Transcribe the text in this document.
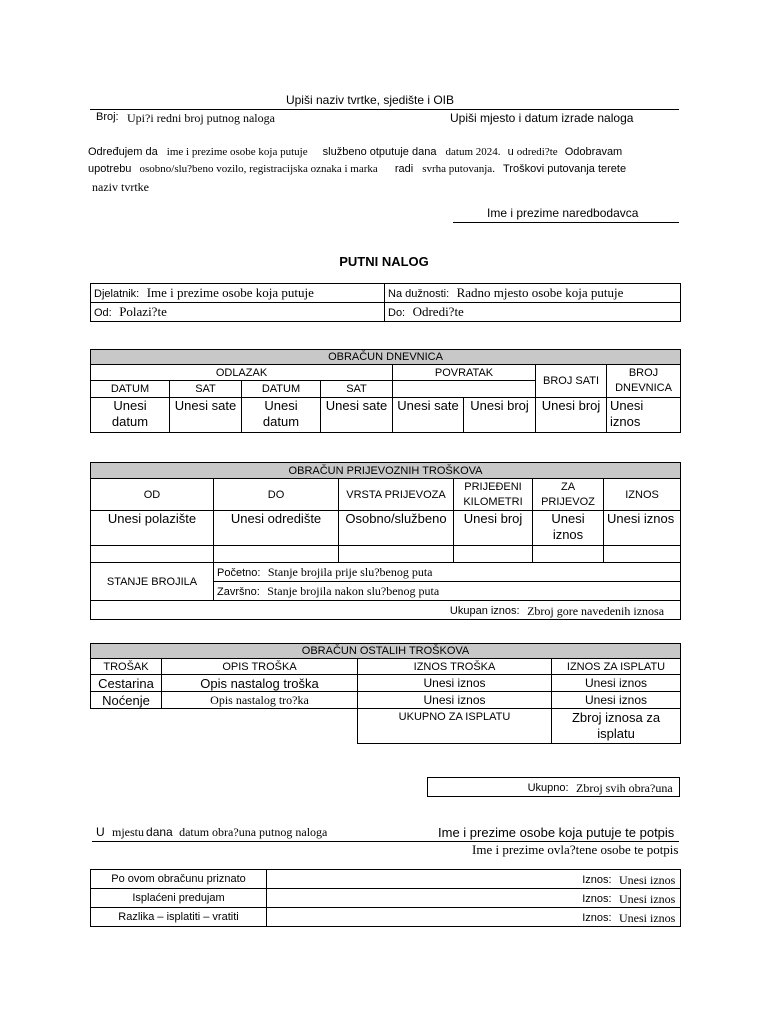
Upiši naziv tvrtke, sjedište i OIB
Broj: Upi?i redni broj putnog naloga	Upiši mjesto i datum izrade naloga
Određujem da ime i prezime osobe koja putuje službeno otputuje dana datum 2024. u odredi?te Odobravam
upotrebu osobno/slu?beno vozilo, registracijska oznaka i marka radi svrha putovanja. Troškovi putovanja terete
naziv tvrtke
Ime i prezime naredbodavca
PUTNI NALOG
Djelatnik: Ime i prezime osobe koja putuje	Na dužnosti: Radno mjesto osobe koja putuje
Od: Polazi?te	Do: Odredi?te
OBRAČUN DNEVNICA								
ODLAZAK				POVRATAK		BROJ SATI	BROJ DNEVNICA		
DATUM	SAT	DATUM	SAT					
Unesi datum	Unesi sate	Unesi datum	Unesi sate	Unesi sate	Unesi broj	Unesi broj	Unesi iznos	
OBRAČUN PRIJEVOZNIH TROŠKOVA					
OD	DO	VRSTA PRIJEVOZA	PRIJEĐENI KILOMETRI	ZA PRIJEVOZ	IZNOS
Unesi polazište	Unesi odredište	Osobno/službeno	Unesi broj	Unesi iznos	Unesi iznos

STANJE BROJILA	Početno: Stanje brojila prije slu?benog puta				
	Završno: Stanje brojila nakon slu?benog puta				
Ukupan iznos: Zbroj gore navedenih iznosa					
OBRAČUN OSTALIH TROŠKOVA			
TROŠAK	OPIS TROŠKA	IZNOS TROŠKA	IZNOS ZA ISPLATU
Cestarina	Opis nastalog troška	Unesi iznos	Unesi iznos
Noćenje	Opis nastalog tro?ka	Unesi iznos	Unesi iznos
		UKUPNO ZA ISPLATU	Zbroj iznosa za isplatu
Ukupno: Zbroj svih obra?una
U mjestu dana datum obra?una putnog naloga	Ime i prezime osobe koja putuje te potpis
Ime i prezime ovla?tene osobe te potpis
Po ovom obračunu priznato	Iznos: Unesi iznos
Isplaćeni predujam	Iznos: Unesi iznos
Razlika – isplatiti – vratiti	Iznos: Unesi iznos
